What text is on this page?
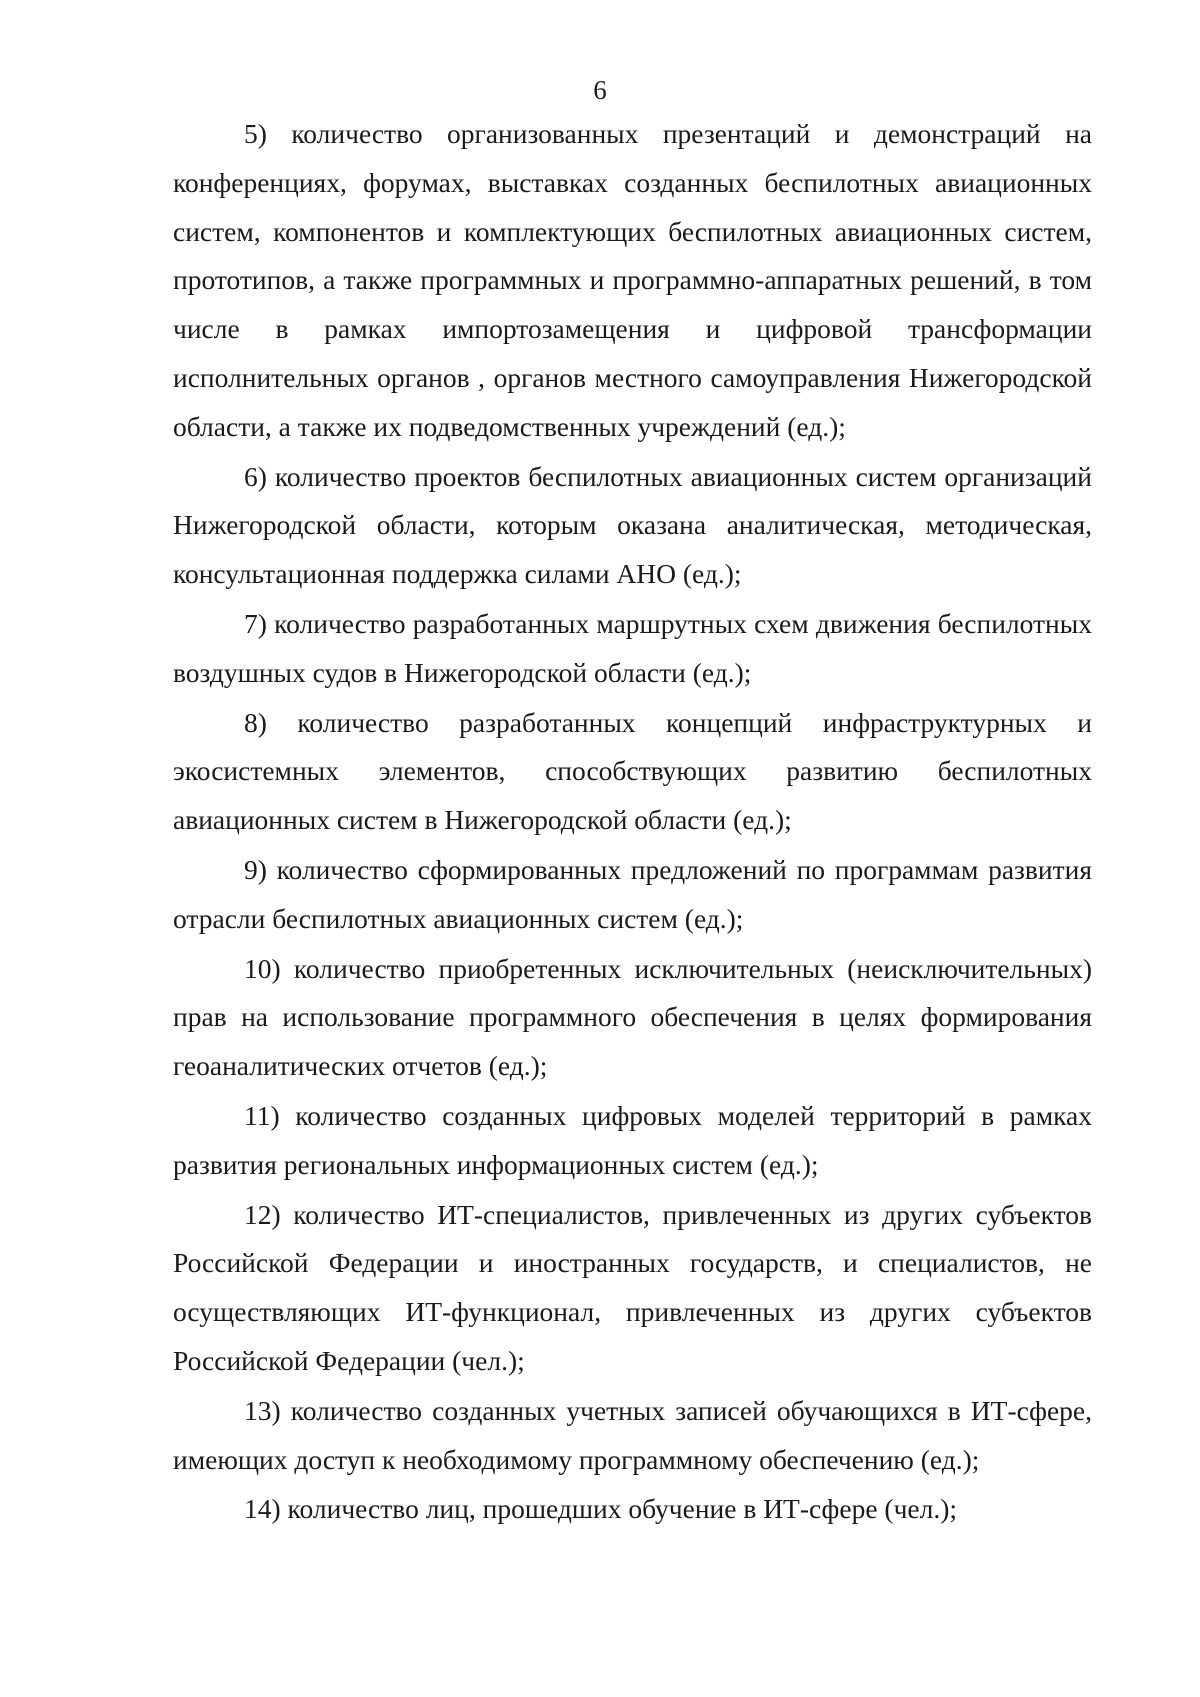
6

5) количество организованных презентаций и демонстраций на конференциях, форумах, выставках созданных беспилотных авиационных систем, компонентов и комплектующих беспилотных авиационных систем, прототипов, а также программных и программно-аппаратных решений, в том числе в рамках импортозамещения и цифровой трансформации исполнительных органов , органов местного самоуправления Нижегородской области, а также их подведомственных учреждений (ед.);

6) количество проектов беспилотных авиационных систем организаций Нижегородской области, которым оказана аналитическая, методическая, консультационная поддержка силами АНО (ед.);

7) количество разработанных маршрутных схем движения беспилотных воздушных судов в Нижегородской области (ед.);

8) количество разработанных концепций инфраструктурных и экосистемных элементов, способствующих развитию беспилотных авиационных систем в Нижегородской области (ед.);

9) количество сформированных предложений по программам развития отрасли беспилотных авиационных систем (ед.);

10) количество приобретенных исключительных (неисключительных) прав на использование программного обеспечения в целях формирования геоаналитических отчетов (ед.);

11) количество созданных цифровых моделей территорий в рамках развития региональных информационных систем (ед.);

12) количество ИТ-специалистов, привлеченных из других субъектов Российской Федерации и иностранных государств, и специалистов, не осуществляющих ИТ-функционал, привлеченных из других субъектов Российской Федерации (чел.);

13) количество созданных учетных записей обучающихся в ИТ-сфере, имеющих доступ к необходимому программному обеспечению (ед.);

14) количество лиц, прошедших обучение в ИТ-сфере (чел.);
